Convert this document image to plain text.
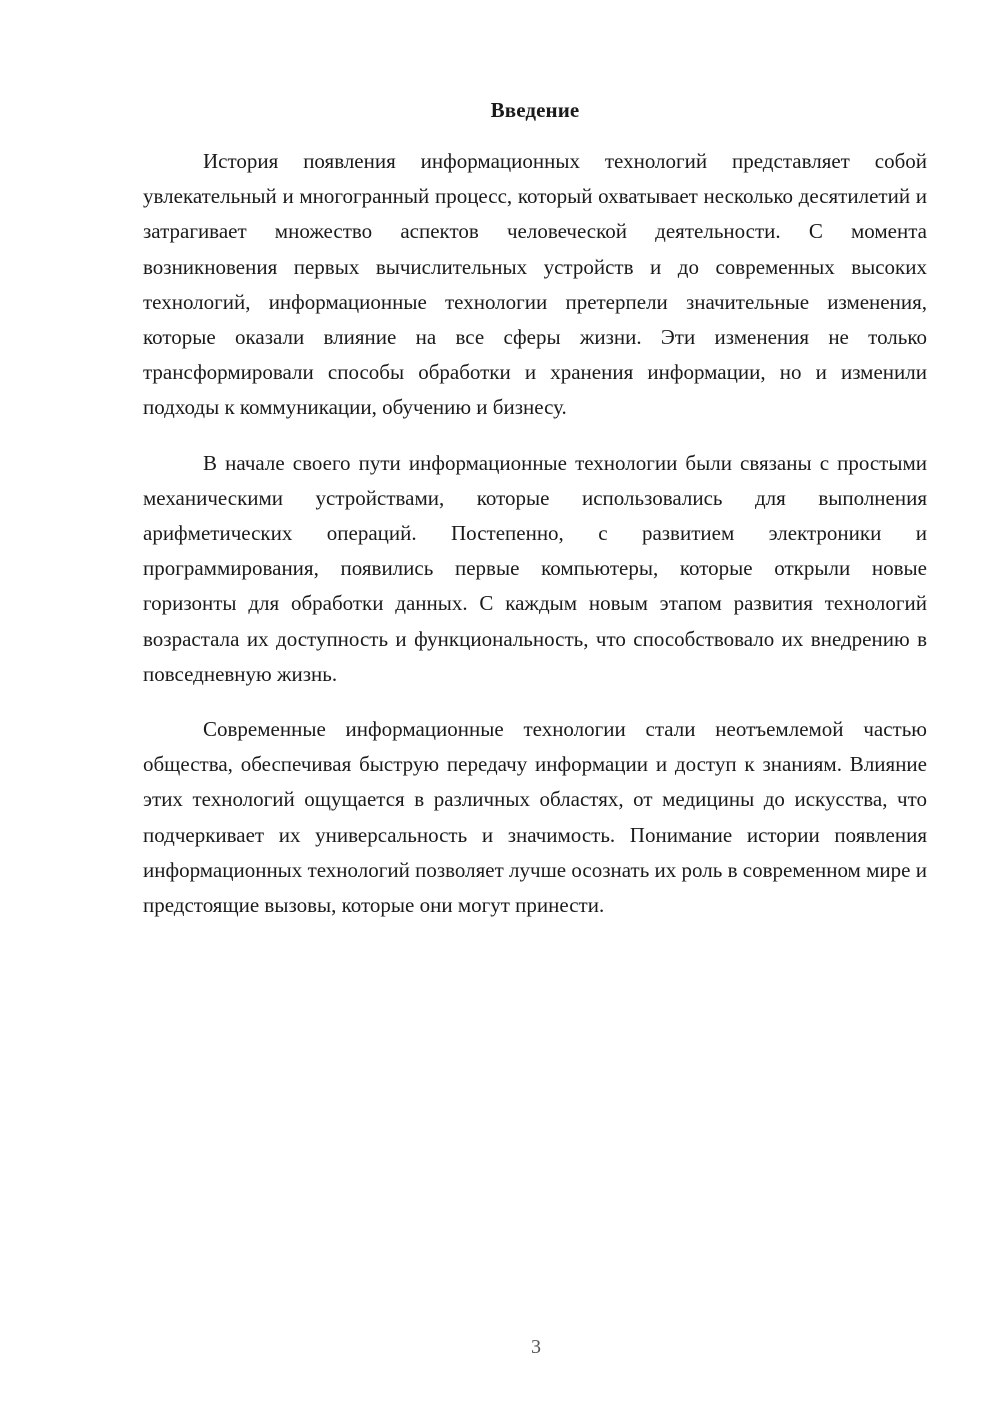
Введение

История появления информационных технологий представляет собой увлекательный и многогранный процесс, который охватывает несколько десятилетий и затрагивает множество аспектов человеческой деятельности. С момента возникновения первых вычислительных устройств и до современных высоких технологий, информационные технологии претерпели значительные изменения, которые оказали влияние на все сферы жизни. Эти изменения не только трансформировали способы обработки и хранения информации, но и изменили подходы к коммуникации, обучению и бизнесу.

В начале своего пути информационные технологии были связаны с простыми механическими устройствами, которые использовались для выполнения арифметических операций. Постепенно, с развитием электроники и программирования, появились первые компьютеры, которые открыли новые горизонты для обработки данных. С каждым новым этапом развития технологий возрастала их доступность и функциональность, что способствовало их внедрению в повседневную жизнь.

Современные информационные технологии стали неотъемлемой частью общества, обеспечивая быструю передачу информации и доступ к знаниям. Влияние этих технологий ощущается в различных областях, от медицины до искусства, что подчеркивает их универсальность и значимость. Понимание истории появления информационных технологий позволяет лучше осознать их роль в современном мире и предстоящие вызовы, которые они могут принести.

3
